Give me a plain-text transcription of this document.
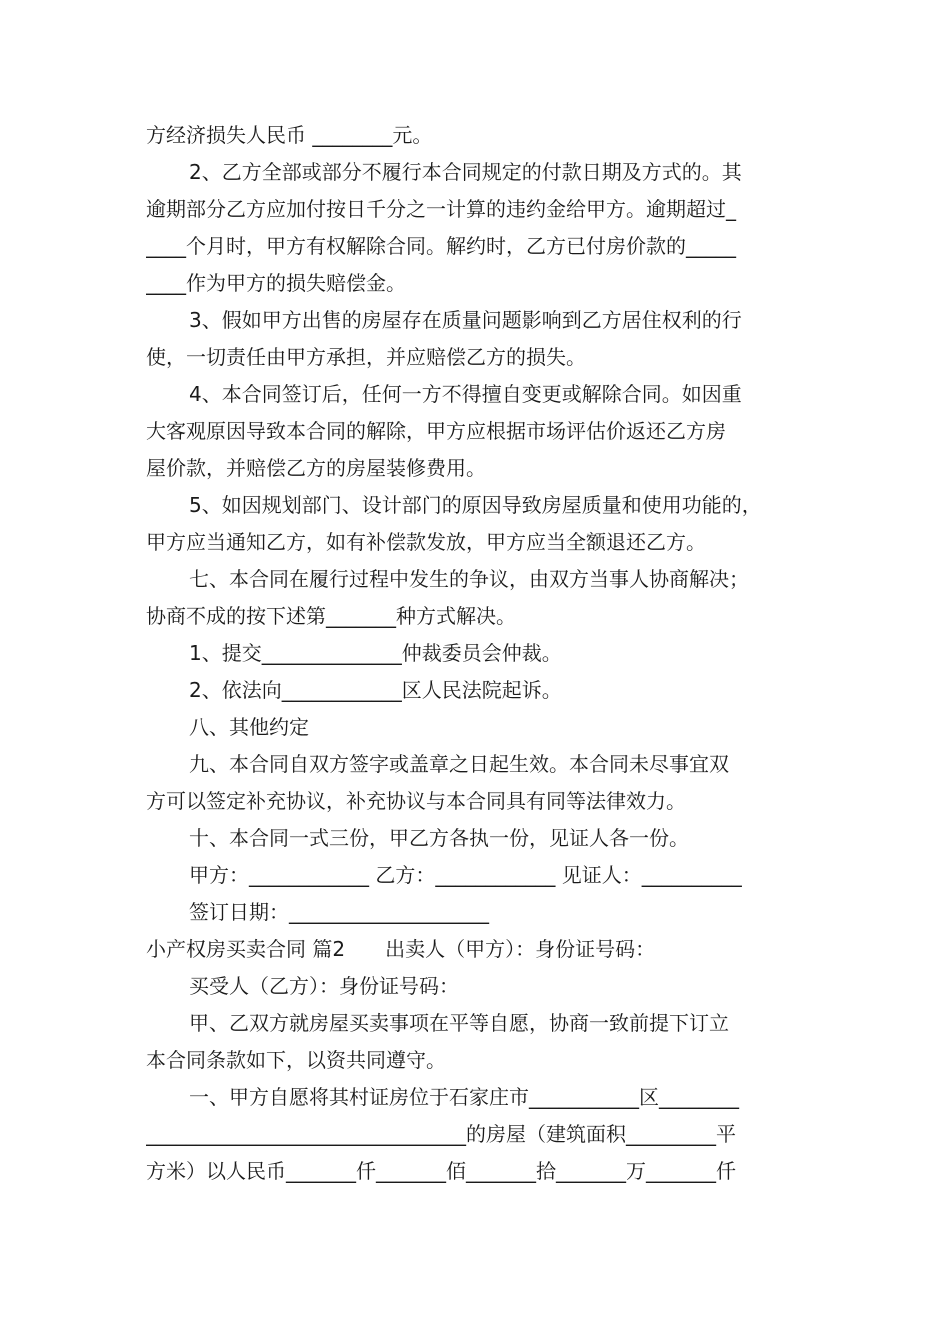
方经济损失人民币 ________元。
2、乙方全部或部分不履行本合同规定的付款日期及方式的。其
逾期部分乙方应加付按日千分之一计算的违约金给甲方。逾期超过_
____个月时，甲方有权解除合同。解约时，乙方已付房价款的_____
____作为甲方的损失赔偿金。
3、假如甲方出售的房屋存在质量问题影响到乙方居住权利的行
使，一切责任由甲方承担，并应赔偿乙方的损失。
4、本合同签订后，任何一方不得擅自变更或解除合同。如因重
大客观原因导致本合同的解除，甲方应根据市场评估价返还乙方房
屋价款，并赔偿乙方的房屋装修费用。
5、如因规划部门、设计部门的原因导致房屋质量和使用功能的，
甲方应当通知乙方，如有补偿款发放，甲方应当全额退还乙方。
七、本合同在履行过程中发生的争议，由双方当事人协商解决；
协商不成的按下述第_______种方式解决。
1、提交______________仲裁委员会仲裁。
2、依法向____________区人民法院起诉。
八、其他约定
九、本合同自双方签字或盖章之日起生效。本合同未尽事宜双
方可以签定补充协议，补充协议与本合同具有同等法律效力。
十、本合同一式三份，甲乙方各执一份，见证人各一份。
甲方：____________ 乙方：____________ 见证人：__________
签订日期：____________________
小产权房买卖合同 篇2　　出卖人（甲方）：身份证号码：
买受人（乙方）：身份证号码：
甲、乙双方就房屋买卖事项在平等自愿，协商一致前提下订立
本合同条款如下，以资共同遵守。
一、甲方自愿将其村证房位于石家庄市___________区________
________________________________的房屋（建筑面积_________平
方米）以人民币_______仟_______佰_______拾_______万_______仟
